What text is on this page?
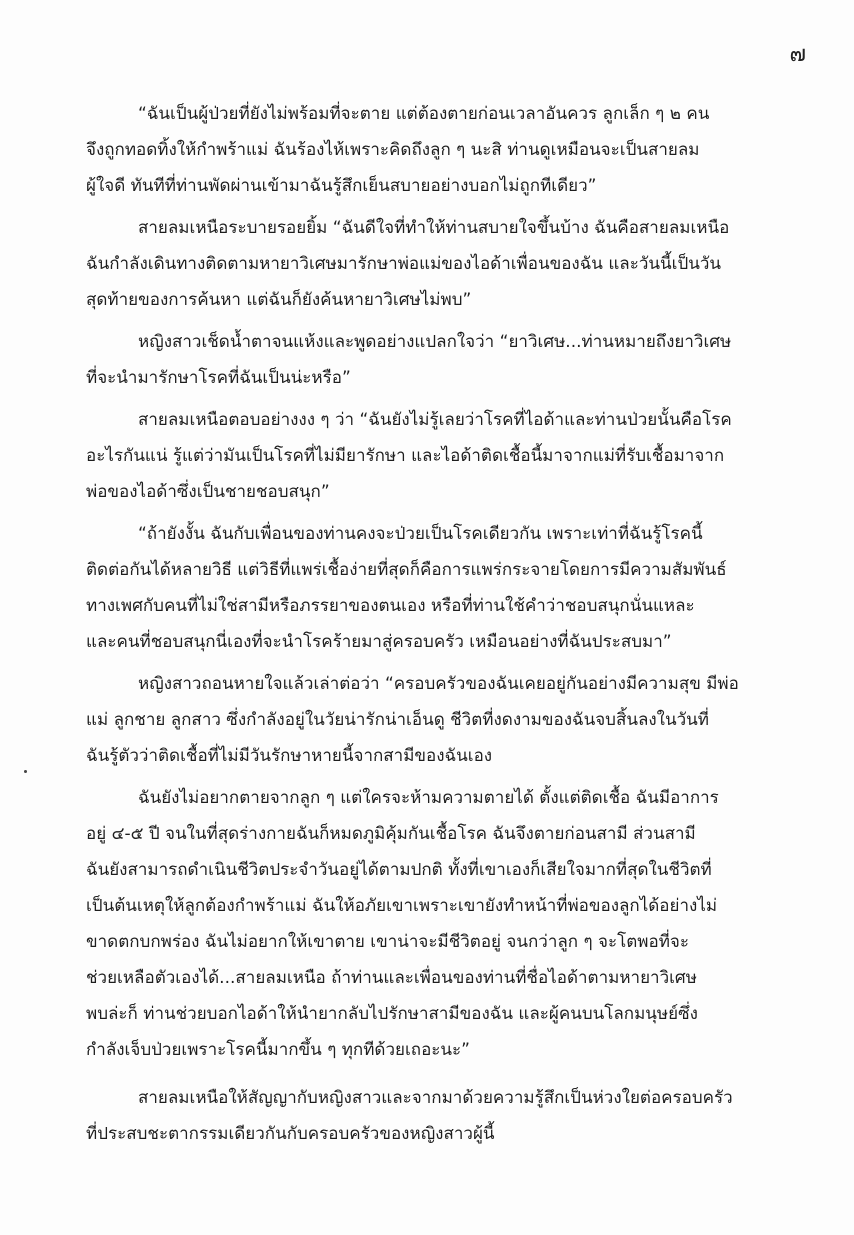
๗

“ฉันเป็นผู้ป่วยที่ยังไม่พร้อมที่จะตาย แต่ต้องตายก่อนเวลาอันควร ลูกเล็ก ๆ ๒ คน
จึงถูกทอดทิ้งให้กำพร้าแม่ ฉันร้องไห้เพราะคิดถึงลูก ๆ นะสิ ท่านดูเหมือนจะเป็นสายลม
ผู้ใจดี ทันทีที่ท่านพัดผ่านเข้ามาฉันรู้สึกเย็นสบายอย่างบอกไม่ถูกทีเดียว”

สายลมเหนือระบายรอยยิ้ม “ฉันดีใจที่ทำให้ท่านสบายใจขึ้นบ้าง ฉันคือสายลมเหนือ
ฉันกำลังเดินทางติดตามหายาวิเศษมารักษาพ่อแม่ของไอด้าเพื่อนของฉัน และวันนี้เป็นวัน
สุดท้ายของการค้นหา แต่ฉันก็ยังค้นหายาวิเศษไม่พบ”

หญิงสาวเช็ดน้ำตาจนแห้งและพูดอย่างแปลกใจว่า “ยาวิเศษ...ท่านหมายถึงยาวิเศษ
ที่จะนำมารักษาโรคที่ฉันเป็นน่ะหรือ”

สายลมเหนือตอบอย่างงง ๆ ว่า “ฉันยังไม่รู้เลยว่าโรคที่ไอด้าและท่านป่วยนั้นคือโรค
อะไรกันแน่ รู้แต่ว่ามันเป็นโรคที่ไม่มียารักษา และไอด้าติดเชื้อนี้มาจากแม่ที่รับเชื้อมาจาก
พ่อของไอด้าซึ่งเป็นชายชอบสนุก”

“ถ้ายังงั้น ฉันกับเพื่อนของท่านคงจะป่วยเป็นโรคเดียวกัน เพราะเท่าที่ฉันรู้โรคนี้
ติดต่อกันได้หลายวิธี แต่วิธีที่แพร่เชื้อง่ายที่สุดก็คือการแพร่กระจายโดยการมีความสัมพันธ์
ทางเพศกับคนที่ไม่ใช่สามีหรือภรรยาของตนเอง หรือที่ท่านใช้คำว่าชอบสนุกนั่นแหละ
และคนที่ชอบสนุกนี่เองที่จะนำโรคร้ายมาสู่ครอบครัว เหมือนอย่างที่ฉันประสบมา”

หญิงสาวถอนหายใจแล้วเล่าต่อว่า “ครอบครัวของฉันเคยอยู่กันอย่างมีความสุข มีพ่อ
แม่ ลูกชาย ลูกสาว ซึ่งกำลังอยู่ในวัยน่ารักน่าเอ็นดู ชีวิตที่งดงามของฉันจบสิ้นลงในวันที่
ฉันรู้ตัวว่าติดเชื้อที่ไม่มีวันรักษาหายนี้จากสามีของฉันเอง

ฉันยังไม่อยากตายจากลูก ๆ แต่ใครจะห้ามความตายได้ ตั้งแต่ติดเชื้อ ฉันมีอาการ
อยู่ ๔-๕ ปี จนในที่สุดร่างกายฉันก็หมดภูมิคุ้มกันเชื้อโรค ฉันจึงตายก่อนสามี ส่วนสามี
ฉันยังสามารถดำเนินชีวิตประจำวันอยู่ได้ตามปกติ ทั้งที่เขาเองก็เสียใจมากที่สุดในชีวิตที่
เป็นต้นเหตุให้ลูกต้องกำพร้าแม่ ฉันให้อภัยเขาเพราะเขายังทำหน้าที่พ่อของลูกได้อย่างไม่
ขาดตกบกพร่อง ฉันไม่อยากให้เขาตาย เขาน่าจะมีชีวิตอยู่ จนกว่าลูก ๆ จะโตพอที่จะ
ช่วยเหลือตัวเองได้...สายลมเหนือ ถ้าท่านและเพื่อนของท่านที่ชื่อไอด้าตามหายาวิเศษ
พบล่ะก็ ท่านช่วยบอกไอด้าให้นำยากลับไปรักษาสามีของฉัน และผู้คนบนโลกมนุษย์ซึ่ง
กำลังเจ็บป่วยเพราะโรคนี้มากขึ้น ๆ ทุกทีด้วยเถอะนะ”

สายลมเหนือให้สัญญากับหญิงสาวและจากมาด้วยความรู้สึกเป็นห่วงใยต่อครอบครัว
ที่ประสบชะตากรรมเดียวกันกับครอบครัวของหญิงสาวผู้นี้
